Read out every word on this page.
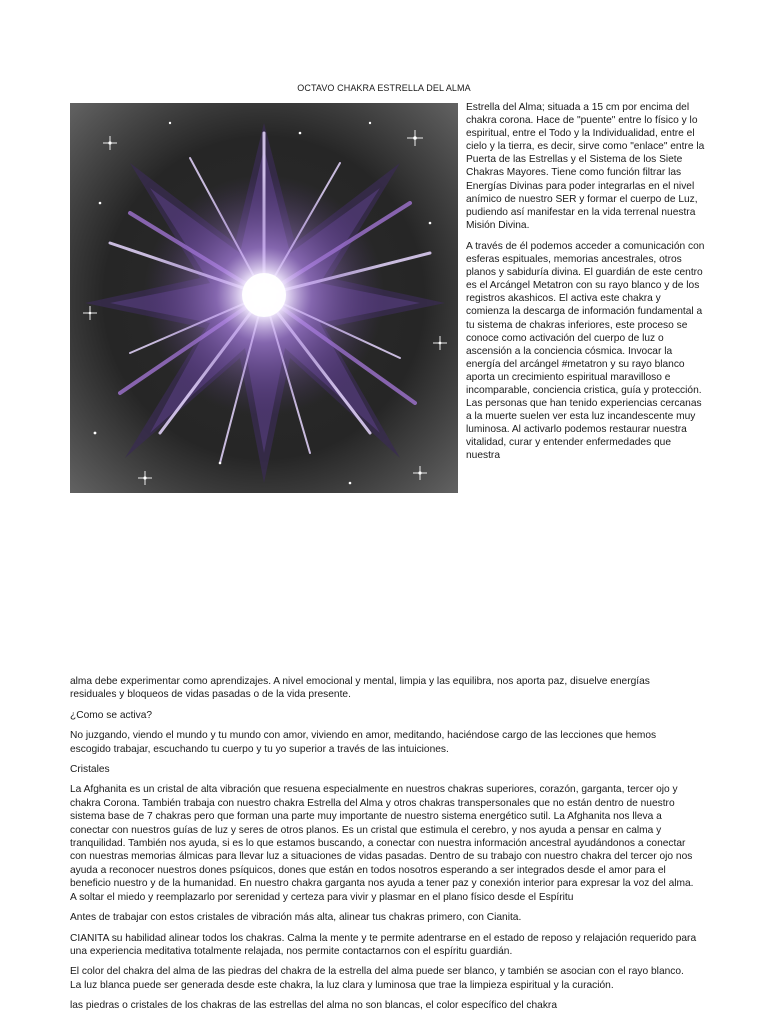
OCTAVO CHAKRA ESTRELLA DEL ALMA

Estrella del Alma; situada a 15 cm por encima del chakra corona. Hace de "puente" entre lo físico y lo espiritual, entre el Todo y la Individualidad, entre el cielo y la tierra, es decir, sirve como "enlace" entre la Puerta de las Estrellas y el Sistema de los Siete Chakras Mayores. Tiene como función filtrar las Energías Divinas para poder integrarlas en el nivel anímico de nuestro SER y formar el cuerpo de Luz, pudiendo así manifestar en la vida terrenal nuestra Misión Divina.

A través de él podemos acceder a comunicación con esferas espituales, memorias ancestrales, otros planos y sabiduría divina. El guardián de este centro es el Arcángel Metatron con su rayo blanco y de los registros akashicos. El activa este chakra y comienza la descarga de información fundamental a tu sistema de chakras inferiores, este proceso se conoce como activación del cuerpo de luz o ascensión a la conciencia cósmica. Invocar la energía del arcángel #metatron y su rayo blanco aporta un crecimiento espiritual maravilloso e incomparable, conciencia cristica, guía y protección. Las personas que han tenido experiencias cercanas a la muerte suelen ver esta luz incandescente muy luminosa. Al activarlo podemos restaurar nuestra vitalidad, curar y entender enfermedades que nuestra

alma debe experimentar como aprendizajes. A nivel emocional y mental, limpia y las equilibra, nos aporta paz, disuelve energías residuales y bloqueos de vidas pasadas o de la vida presente.

¿Como se activa?

No juzgando, viendo el mundo y tu mundo con amor, viviendo en amor, meditando, haciéndose cargo de las lecciones que hemos escogido trabajar, escuchando tu cuerpo y tu yo superior a través de las intuiciones.

Cristales

La Afghanita es un cristal de alta vibración que resuena especialmente en nuestros chakras superiores, corazón, garganta, tercer ojo y chakra Corona. También trabaja con nuestro chakra Estrella del Alma y otros chakras transpersonales que no están dentro de nuestro sistema base de 7 chakras pero que forman una parte muy importante de nuestro sistema energético sutil. La Afghanita nos lleva a conectar con nuestros guías de luz y seres de otros planos. Es un cristal que estimula el cerebro, y nos ayuda a pensar en calma y tranquilidad. También nos ayuda, si es lo que estamos buscando, a conectar con nuestra información ancestral ayudándonos a conectar con nuestras memorias álmicas para llevar luz a situaciones de vidas pasadas. Dentro de su trabajo con nuestro chakra del tercer ojo nos ayuda a reconocer nuestros dones psíquicos, dones que están en todos nosotros esperando a ser integrados desde el amor para el beneficio nuestro y de la humanidad. En nuestro chakra garganta nos ayuda a tener paz y conexión interior para expresar la voz del alma. A soltar el miedo y reemplazarlo por serenidad y certeza para vivir y plasmar en el plano físico desde el Espíritu

Antes de trabajar con estos cristales de vibración más alta, alinear tus chakras primero, con Cianita.

CIANITA su habilidad alinear todos los chakras. Calma la mente y te permite adentrarse en el estado de reposo y relajación requerido para una experiencia meditativa totalmente relajada, nos permite contactarnos con el espíritu guardián.

El color del chakra del alma de las piedras del chakra de la estrella del alma puede ser blanco, y también se asocian con el rayo blanco. La luz blanca puede ser generada desde este chakra, la luz clara y luminosa que trae la limpieza espiritual y la curación.

las piedras o cristales de los chakras de las estrellas del alma no son blancas, el color específico del chakra
